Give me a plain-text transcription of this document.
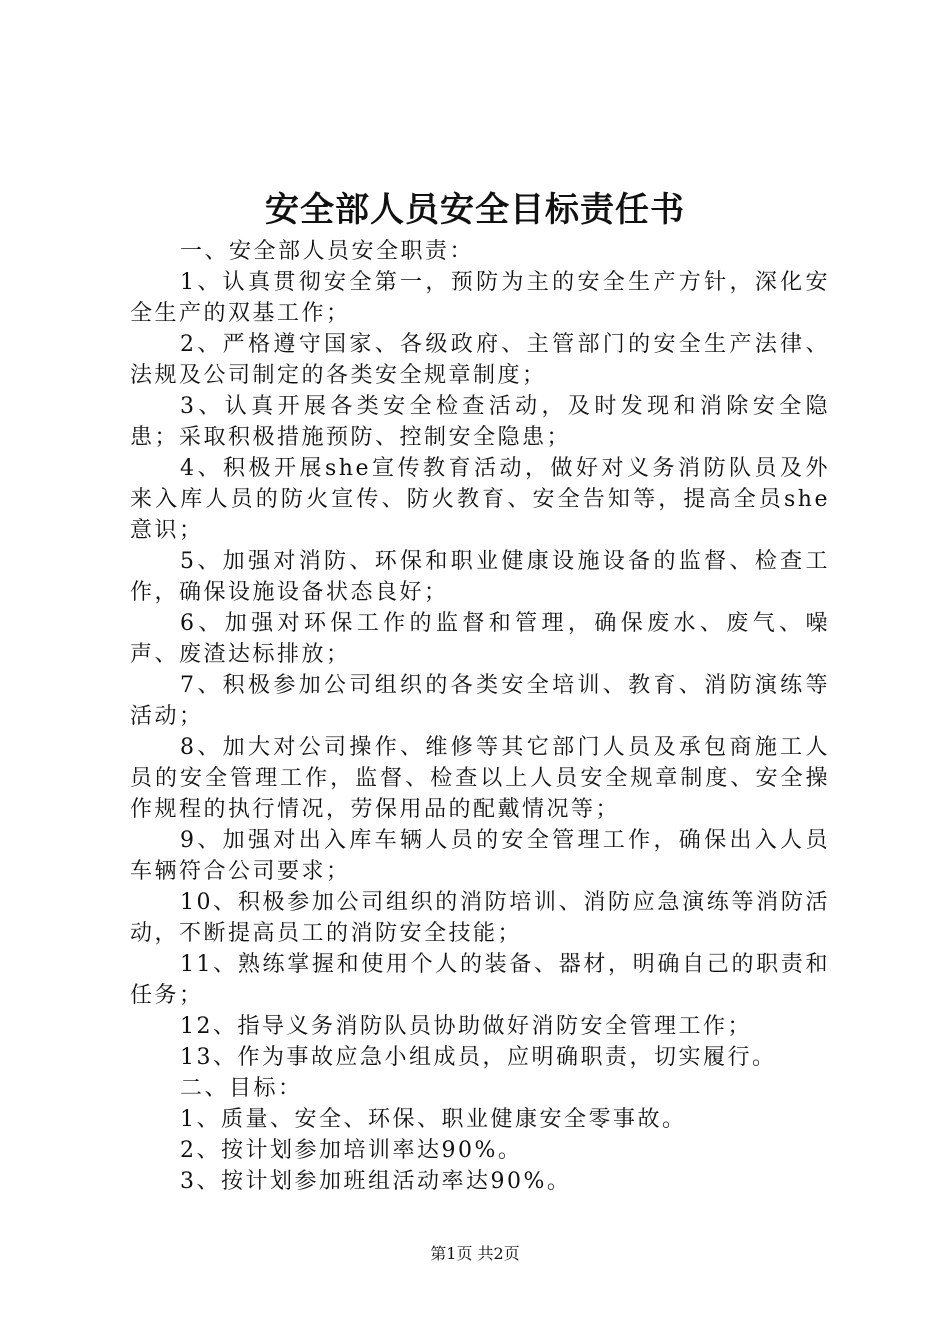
安全部人员安全目标责任书

一、安全部人员安全职责：

1、认真贯彻安全第一，预防为主的安全生产方针，深化安全生产的双基工作；

2、严格遵守国家、各级政府、主管部门的安全生产法律、法规及公司制定的各类安全规章制度；

3、认真开展各类安全检查活动，及时发现和消除安全隐患；采取积极措施预防、控制安全隐患；

4、积极开展she宣传教育活动，做好对义务消防队员及外来入库人员的防火宣传、防火教育、安全告知等，提高全员she意识；

5、加强对消防、环保和职业健康设施设备的监督、检查工作，确保设施设备状态良好；

6、加强对环保工作的监督和管理，确保废水、废气、噪声、废渣达标排放；

7、积极参加公司组织的各类安全培训、教育、消防演练等活动；

8、加大对公司操作、维修等其它部门人员及承包商施工人员的安全管理工作，监督、检查以上人员安全规章制度、安全操作规程的执行情况，劳保用品的配戴情况等；

9、加强对出入库车辆人员的安全管理工作，确保出入人员车辆符合公司要求；

10、积极参加公司组织的消防培训、消防应急演练等消防活动，不断提高员工的消防安全技能；

11、熟练掌握和使用个人的装备、器材，明确自己的职责和任务；

12、指导义务消防队员协助做好消防安全管理工作；

13、作为事故应急小组成员，应明确职责，切实履行。

二、目标：

1、质量、安全、环保、职业健康安全零事故。

2、按计划参加培训率达90%。

3、按计划参加班组活动率达90%。

第1页 共2页
